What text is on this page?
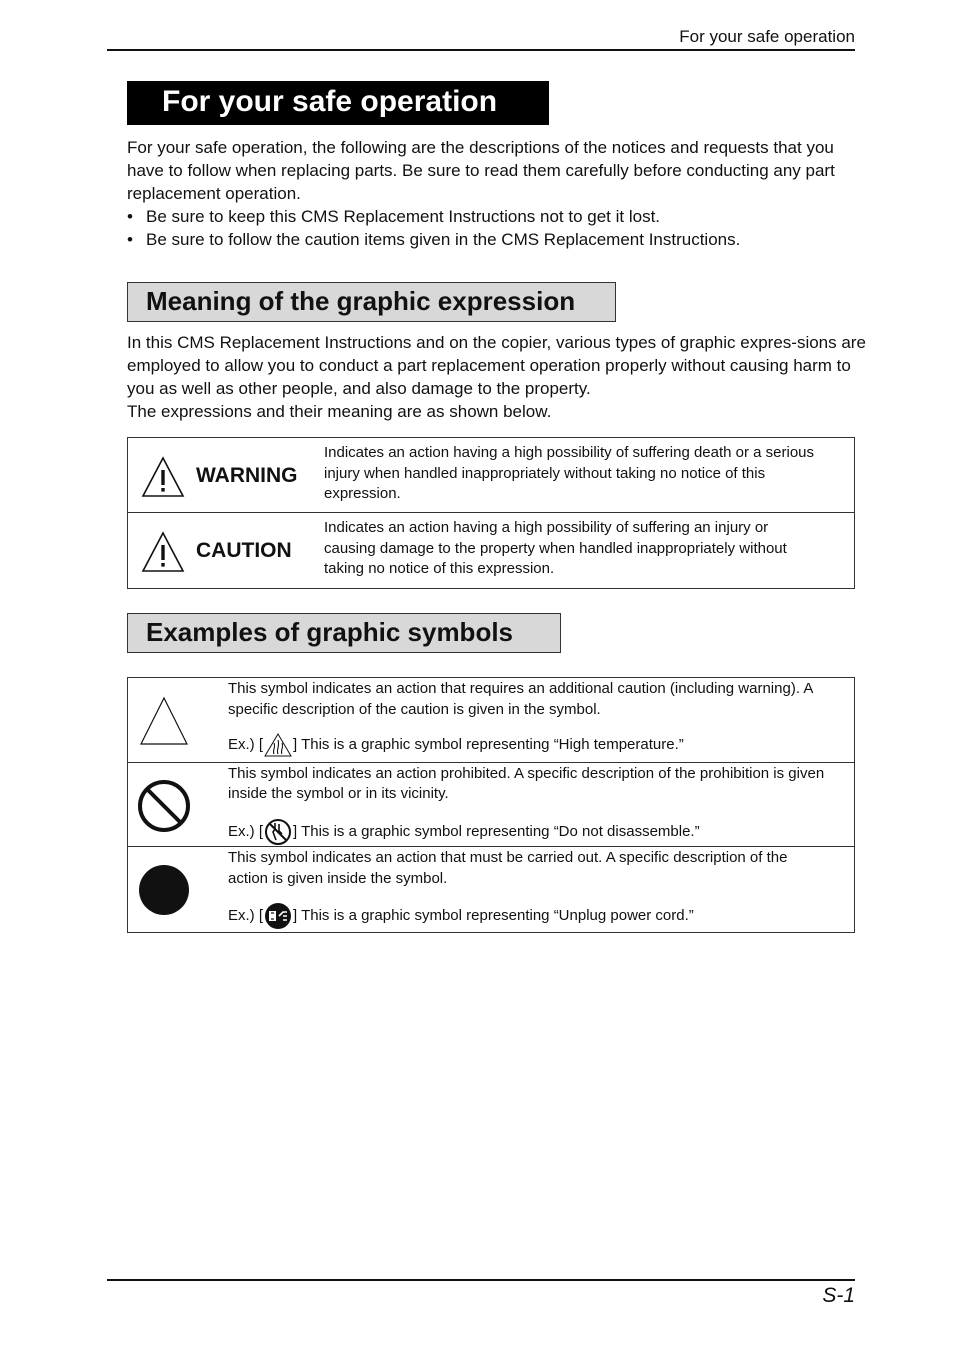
For your safe operation
For your safe operation

For your safe operation, the following are the descriptions of the notices and requests that you have to follow when replacing parts. Be sure to read them carefully before conducting any part replacement operation.

• Be sure to keep this CMS Replacement Instructions not to get it lost.
• Be sure to follow the caution items given in the CMS Replacement Instructions.
Meaning of the graphic expression

In this CMS Replacement Instructions and on the copier, various types of graphic expres-sions are employed to allow you to conduct a part replacement operation properly without causing harm to you as well as other people, and also damage to the property.

The expressions and their meaning are as shown below.

WARNING
Indicates an action having a high possibility of suffering death or a serious injury when handled inappropriately without taking no notice of this expression.
CAUTION
Indicates an action having a high possibility of suffering an injury or causing damage to the property when handled inappropriately without taking no notice of this expression.
Examples of graphic symbols
This symbol indicates an action that requires an additional caution (including warning). A specific description of the caution is given in the symbol.
Ex.) [ ] This is a graphic symbol representing “High temperature.”
This symbol indicates an action prohibited. A specific description of the prohibition is given inside the symbol or in its vicinity.
Ex.) [ ] This is a graphic symbol representing “Do not disassemble.”
This symbol indicates an action that must be carried out. A specific description of the action is given inside the symbol.
Ex.) [ ] This is a graphic symbol representing “Unplug power cord.”
S-1
